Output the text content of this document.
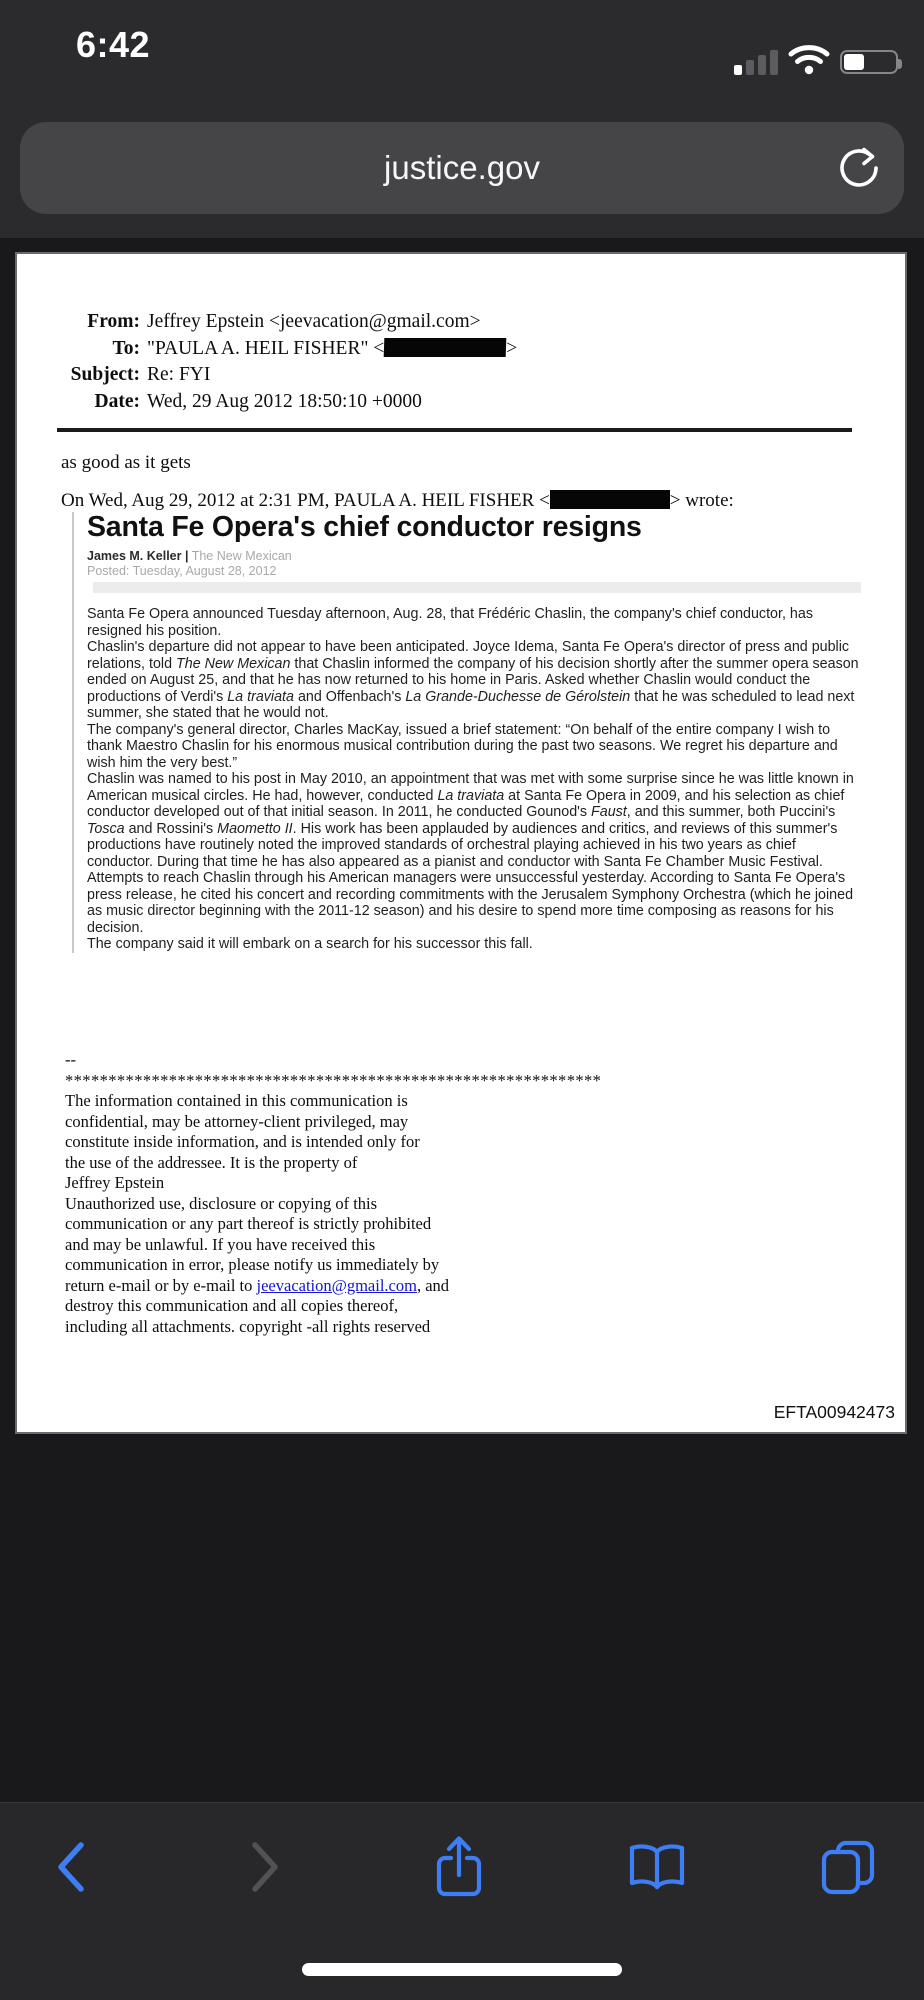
6:42
justice.gov
From: Jeffrey Epstein <jeevacation@gmail.com>
To: "PAULA A. HEIL FISHER" <	>
Subject: Re: FYI
Date: Wed, 29 Aug 2012 18:50:10 +0000
as good as it gets
On Wed, Aug 29, 2012 at 2:31 PM, PAULA A. HEIL FISHER <	> wrote:
Santa Fe Opera's chief conductor resigns
James M. Keller | The New Mexican
Posted: Tuesday, August 28, 2012

Santa Fe Opera announced Tuesday afternoon, Aug. 28, that Frédéric Chaslin, the company's chief conductor, has resigned his position.

Chaslin's departure did not appear to have been anticipated. Joyce Idema, Santa Fe Opera's director of press and public relations, told The New Mexican that Chaslin informed the company of his decision shortly after the summer opera season ended on August 25, and that he has now returned to his home in Paris. Asked whether Chaslin would conduct the productions of Verdi's La traviata and Offenbach's La Grande-Duchesse de Gérolstein that he was scheduled to lead next summer, she stated that he would not.

The company's general director, Charles MacKay, issued a brief statement: “On behalf of the entire company I wish to thank Maestro Chaslin for his enormous musical contribution during the past two seasons. We regret his departure and wish him the very best.”

Chaslin was named to his post in May 2010, an appointment that was met with some surprise since he was little known in American musical circles. He had, however, conducted La traviata at Santa Fe Opera in 2009, and his selection as chief conductor developed out of that initial season. In 2011, he conducted Gounod's Faust, and this summer, both Puccini's Tosca and Rossini's Maometto II. His work has been applauded by audiences and critics, and reviews of this summer's productions have routinely noted the improved standards of orchestral playing achieved in his two years as chief conductor. During that time he has also appeared as a pianist and conductor with Santa Fe Chamber Music Festival.

Attempts to reach Chaslin through his American managers were unsuccessful yesterday. According to Santa Fe Opera's press release, he cited his concert and recording commitments with the Jerusalem Symphony Orchestra (which he joined as music director beginning with the 2011-12 season) and his desire to spend more time composing as reasons for his decision.

The company said it will embark on a search for his successor this fall.

--
**************************************************************
The information contained in this communication is
confidential, may be attorney-client privileged, may
constitute inside information, and is intended only for
the use of the addressee. It is the property of
Jeffrey Epstein
Unauthorized use, disclosure or copying of this
communication or any part thereof is strictly prohibited
and may be unlawful. If you have received this
communication in error, please notify us immediately by
return e-mail or by e-mail to jeevacation@gmail.com, and
destroy this communication and all copies thereof,
including all attachments. copyright -all rights reserved
EFTA00942473
